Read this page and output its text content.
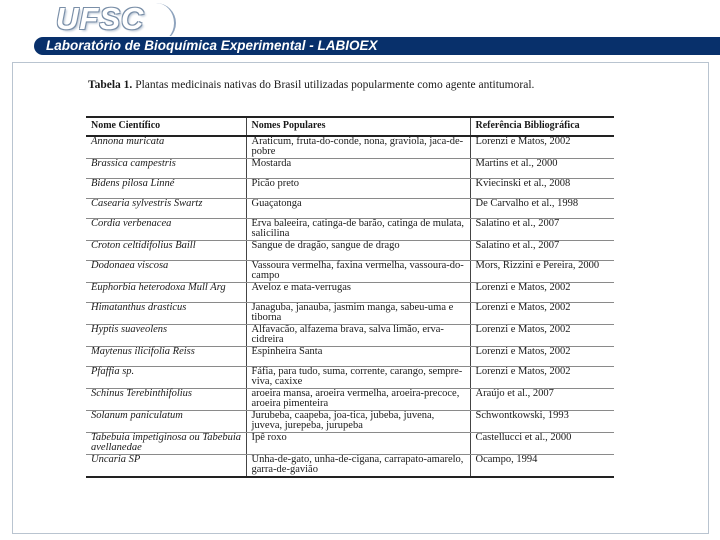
UFSC
Laboratório de Bioquímica Experimental - LABIOEX
Tabela 1. Plantas medicinais nativas do Brasil utilizadas popularmente como agente antitumoral.
Nome Científico	Nomes Populares	Referência Bibliográfica
Annona muricata	Araticum, fruta-do-conde, nona, graviola, jaca-de-pobre	Lorenzi e Matos, 2002
Brassica campestris	Mostarda	Martins et al., 2000
Bidens pilosa Linné	Picão preto	Kviecinski et al., 2008
Casearia sylvestris Swartz	Guaçatonga	De Carvalho et al., 1998
Cordia verbenacea	Erva baleeira, catinga-de barão, catinga de mulata, salicilina	Salatino et al., 2007
Croton celtidifolius Baill	Sangue de dragão, sangue de drago	Salatino et al., 2007
Dodonaea viscosa	Vassoura vermelha, faxina vermelha, vassoura-do-campo	Mors, Rizzini e Pereira, 2000
Euphorbia heterodoxa Mull Arg	Aveloz e mata-verrugas	Lorenzi e Matos, 2002
Himatanthus drasticus	Janaguba, janauba, jasmim manga, sabeu-uma e tiborna	Lorenzi e Matos, 2002
Hyptis suaveolens	Alfavacão, alfazema brava, salva limão, erva-cidreira	Lorenzi e Matos, 2002
Maytenus ilicifolia Reiss	Espinheira Santa	Lorenzi e Matos, 2002
Pfaffia sp.	Fáfia, para tudo, suma, corrente, carango, sempre-viva, caxixe	Lorenzi e Matos, 2002
Schinus Terebinthifolius	aroeira mansa, aroeira vermelha, aroeira-precoce, aroeira pimenteira	Araújo et al., 2007
Solanum paniculatum	Jurubeba, caapeba, joa-tica, jubeba, juvena, juveva, jurepeba, jurupeba	Schwontkowski, 1993
Tabebuia impetiginosa ou Tabebuia avellanedae	Ipê roxo	Castellucci et al., 2000
Uncaria SP	Unha-de-gato, unha-de-cigana, carrapato-amarelo, garra-de-gavião	Ocampo, 1994
